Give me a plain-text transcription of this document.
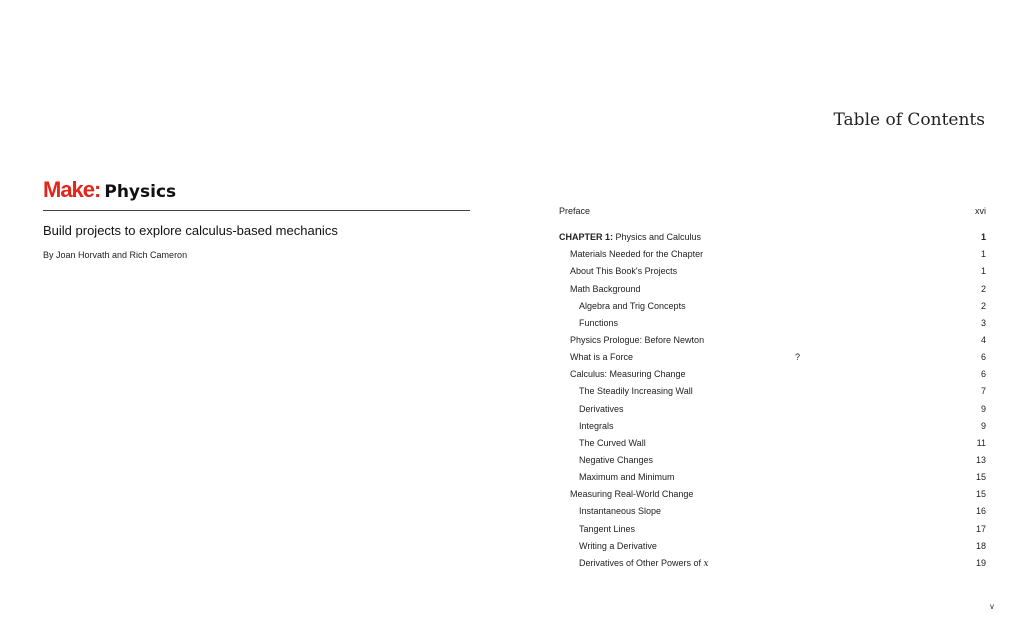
Table of Contents
Make: Physics
Build projects to explore calculus-based mechanics

By Joan Horvath and Rich Cameron

Preface	xvi
CHAPTER 1: Physics and Calculus	1
Materials Needed for the Chapter	1
About This Book's Projects	1
Math Background	2
Algebra and Trig Concepts	2
Functions	3
Physics Prologue: Before Newton	4
What is a Force	6
Calculus: Measuring Change	6
The Steadily Increasing Wall	7
Derivatives	9
Integrals	9
The Curved Wall	11
Negative Changes	13
Maximum and Minimum	15
Measuring Real-World Change	15
Instantaneous Slope	16
Tangent Lines	17
Writing a Derivative	18
Derivatives of Other Powers of x	19
?
v
